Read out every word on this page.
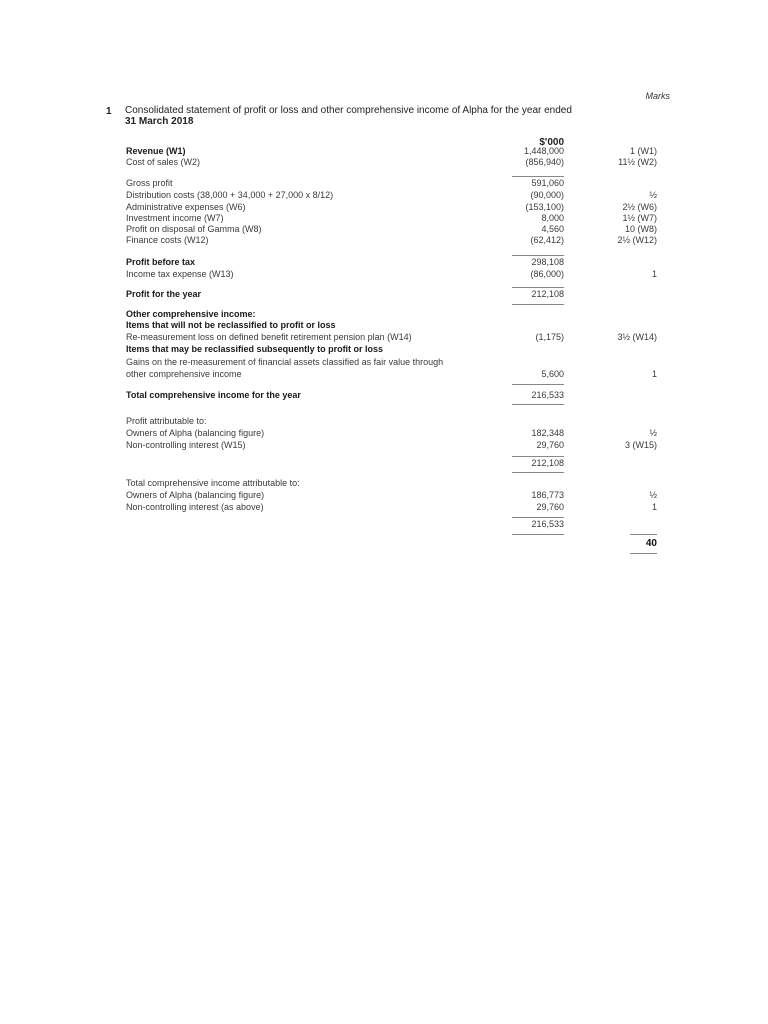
Marks
1 Consolidated statement of profit or loss and other comprehensive income of Alpha for the year ended
31 March 2018
$'000
Revenue (W1)	1,448,000	1 (W1)
Cost of sales (W2)	(856,940)	11½ (W2)
Gross profit	591,060
Distribution costs (38,000 + 34,000 + 27,000 x 8/12)	(90,000)	½
Administrative expenses (W6)	(153,100)	2½ (W6)
Investment income (W7)	8,000	1½ (W7)
Profit on disposal of Gamma (W8)	4,560	10 (W8)
Finance costs (W12)	(62,412)	2½ (W12)
Profit before tax	298,108
Income tax expense (W13)	(86,000)	1
Profit for the year	212,108
Other comprehensive income:
Items that will not be reclassified to profit or loss
Re-measurement loss on defined benefit retirement pension plan (W14)	(1,175)	3½ (W14)
Items that may be reclassified subsequently to profit or loss
Gains on the re-measurement of financial assets classified as fair value through
other comprehensive income	5,600	1
Total comprehensive income for the year	216,533
Profit attributable to:
Owners of Alpha (balancing figure)	182,348	½
Non-controlling interest (W15)	29,760	3 (W15)
212,108
Total comprehensive income attributable to:
Owners of Alpha (balancing figure)	186,773	½
Non-controlling interest (as above)	29,760	1
216,533
40
